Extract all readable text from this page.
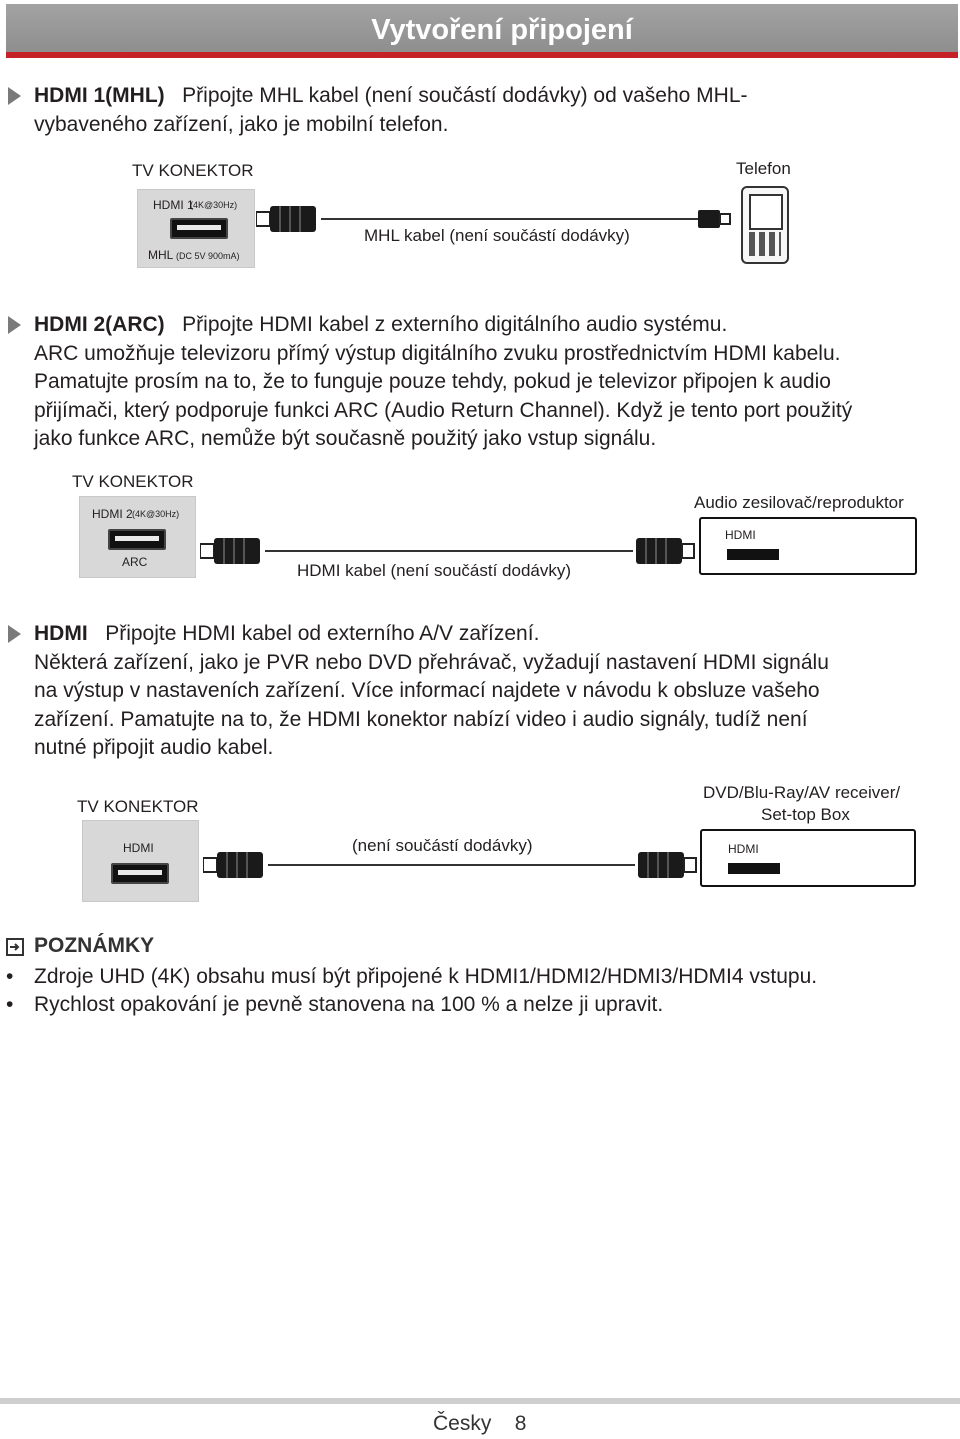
Vytvoření připojení
HDMI 1(MHL) Připojte MHL kabel (není součástí dodávky) od vašeho MHL-
vybaveného zařízení, jako je mobilní telefon.
TV KONEKTOR
HDMI 1
(4K@30Hz)
MHL (DC 5V 900mA)
MHL kabel (není součástí dodávky)
Telefon
HDMI 2(ARC) Připojte HDMI kabel z externího digitálního audio systému.
ARC umožňuje televizoru přímý výstup digitálního zvuku prostřednictvím HDMI kabelu.
Pamatujte prosím na to, že to funguje pouze tehdy, pokud je televizor připojen k audio
přijímači, který podporuje funkci ARC (Audio Return Channel). Když je tento port použitý
jako funkce ARC, nemůže být současně použitý jako vstup signálu.
TV KONEKTOR
HDMI 2 (4K@30Hz)
ARC	HDMI kabel (není součástí dodávky)
Audio zesilovač/reproduktor
HDMI
HDMI Připojte HDMI kabel od externího A/V zařízení.
Některá zařízení, jako je PVR nebo DVD přehrávač, vyžadují nastavení HDMI signálu
na výstup v nastaveních zařízení. Více informací najdete v návodu k obsluze vašeho
zařízení. Pamatujte na to, že HDMI konektor nabízí video i audio signály, tudíž není
nutné připojit audio kabel.
TV KONEKTOR
HDMI	(není součástí dodávky)
DVD/Blu-Ray/AV receiver/
Set-top Box
HDMI
POZNÁMKY
• Zdroje UHD (4K) obsahu musí být připojené k HDMI1/HDMI2/HDMI3/HDMI4 vstupu.
• Rychlost opakování je pevně stanovena na 100 % a nelze ji upravit.
Česky 8
